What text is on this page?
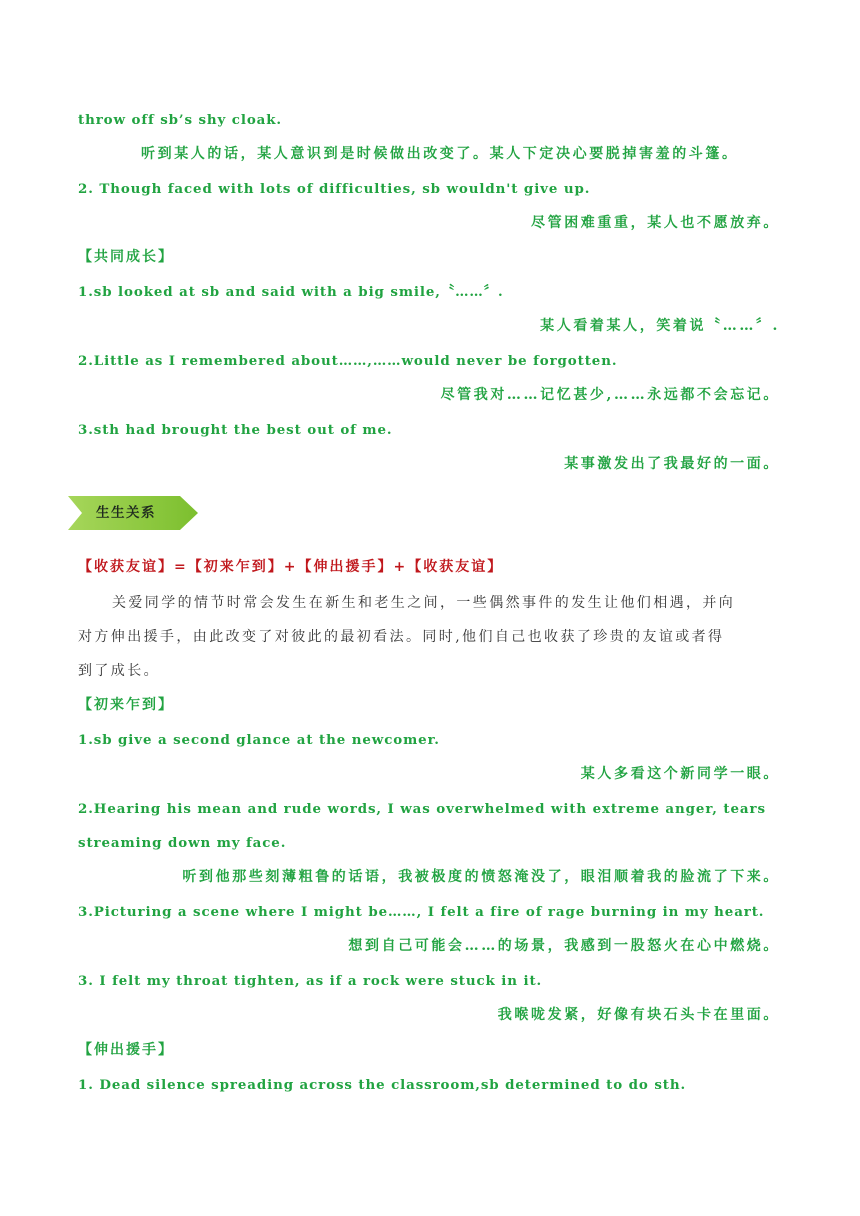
throw off sb’s shy cloak.
听到某人的话，某人意识到是时候做出改变了。某人下定决心要脱掉害羞的斗篷。
2. Though faced with lots of difficulties, sb wouldn't give up.
尽管困难重重，某人也不愿放弃。
【共同成长】
1.sb looked at sb and said with a big smile,〝……〞.
某人看着某人，笑着说〝……〞.
2.Little as I remembered about……,……would never be forgotten.
尽管我对……记忆甚少,……永远都不会忘记。
3.sth had brought the best out of me.
某事激发出了我最好的一面。
生生关系
【收获友谊】=【初来乍到】+【伸出援手】+【收获友谊】
关爱同学的情节时常会发生在新生和老生之间，一些偶然事件的发生让他们相遇，并向
对方伸出援手，由此改变了对彼此的最初看法。同时,他们自己也收获了珍贵的友谊或者得
到了成长。
【初来乍到】
1.sb give a second glance at the newcomer.
某人多看这个新同学一眼。
2.Hearing his mean and rude words, I was overwhelmed with extreme anger, tears
streaming down my face.
听到他那些刻薄粗鲁的话语，我被极度的愤怒淹没了，眼泪顺着我的脸流了下来。
3.Picturing a scene where I might be……, I felt a fire of rage burning in my heart.
想到自己可能会……的场景，我感到一股怒火在心中燃烧。
3. I felt my throat tighten, as if a rock were stuck in it.
我喉咙发紧，好像有块石头卡在里面。
【伸出援手】
1. Dead silence spreading across the classroom,sb determined to do sth.
